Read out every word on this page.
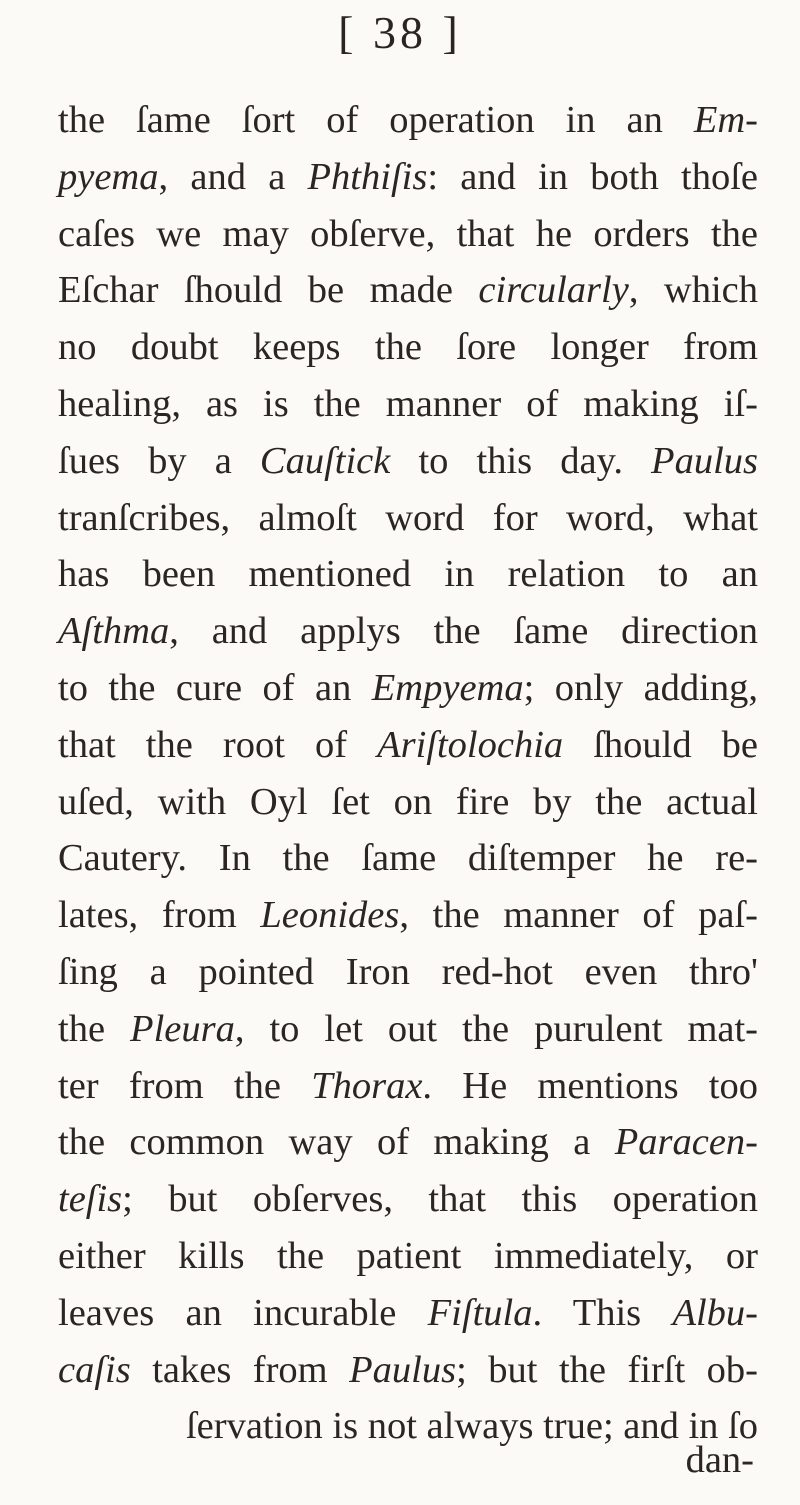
[ 38 ]
the ſame ſort of operation in an Em-
pyema, and a Phthiſis: and in both thoſe
caſes we may obſerve, that he orders the
Eſchar ſhould be made circularly, which
no doubt keeps the ſore longer from
healing, as is the manner of making iſ-
ſues by a Cauſtick to this day. Paulus
tranſcribes, almoſt word for word, what
has been mentioned in relation to an
Aſthma, and applys the ſame direction
to the cure of an Empyema; only adding,
that the root of Ariſtolochia ſhould be
uſed, with Oyl ſet on fire by the actual
Cautery. In the ſame diſtemper he re-
lates, from Leonides, the manner of paſ-
ſing a pointed Iron red-hot even thro'
the Pleura, to let out the purulent mat-
ter from the Thorax. He mentions too
the common way of making a Paracen-
teſis; but obſerves, that this operation
either kills the patient immediately, or
leaves an incurable Fiſtula. This Albu-
caſis takes from Paulus; but the firſt ob-
ſervation is not always true; and in ſo
dan-
